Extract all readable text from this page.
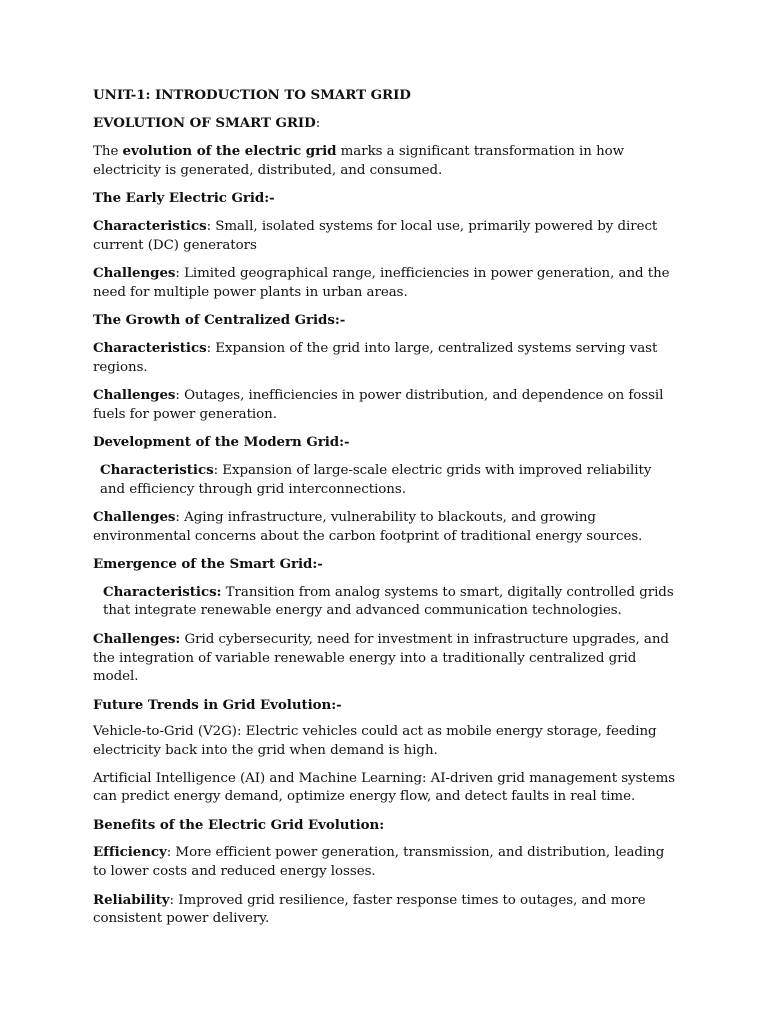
UNIT-1: INTRODUCTION TO SMART GRID

EVOLUTION OF SMART GRID:

The evolution of the electric grid marks a significant transformation in how electricity is generated, distributed, and consumed.

The Early Electric Grid:-

Characteristics: Small, isolated systems for local use, primarily powered by direct current (DC) generators

Challenges: Limited geographical range, inefficiencies in power generation, and the need for multiple power plants in urban areas.

The Growth of Centralized Grids:-

Characteristics: Expansion of the grid into large, centralized systems serving vast regions.

Challenges: Outages, inefficiencies in power distribution, and dependence on fossil fuels for power generation.

Development of the Modern Grid:-

Characteristics: Expansion of large-scale electric grids with improved reliability and efficiency through grid interconnections.

Challenges: Aging infrastructure, vulnerability to blackouts, and growing environmental concerns about the carbon footprint of traditional energy sources.

Emergence of the Smart Grid:-

Characteristics: Transition from analog systems to smart, digitally controlled grids that integrate renewable energy and advanced communication technologies.

Challenges: Grid cybersecurity, need for investment in infrastructure upgrades, and the integration of variable renewable energy into a traditionally centralized grid model.

Future Trends in Grid Evolution:-

Vehicle-to-Grid (V2G): Electric vehicles could act as mobile energy storage, feeding electricity back into the grid when demand is high.

Artificial Intelligence (AI) and Machine Learning: AI-driven grid management systems can predict energy demand, optimize energy flow, and detect faults in real time.

Benefits of the Electric Grid Evolution:

Efficiency: More efficient power generation, transmission, and distribution, leading to lower costs and reduced energy losses.

Reliability: Improved grid resilience, faster response times to outages, and more consistent power delivery.
